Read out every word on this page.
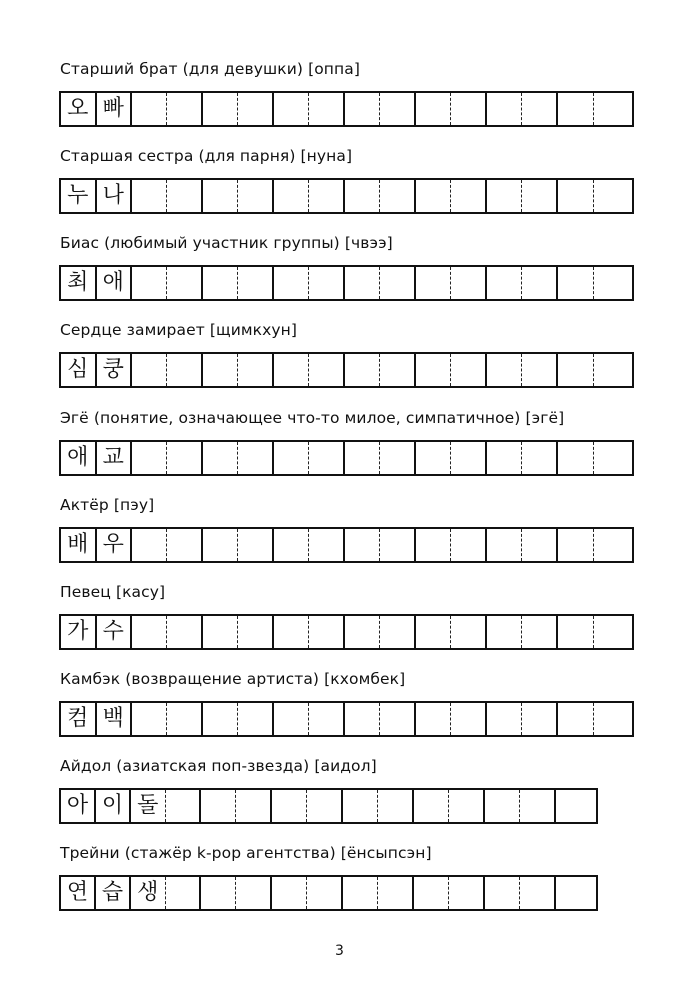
Старший брат (для девушки) [оппа]
오 빠
Старшая сестра (для парня) [нуна]
누 나
Биас (любимый участник группы) [чвээ]
최 애
Сердце замирает [щимкхун]
심 쿵
Эгё (понятие, означающее что-то милое, симпатичное) [эгё]
애 교
Актёр [пэу]
배 우
Певец [касу]
가 수
Камбэк (возвращение артиста) [кхомбек]
컴 백
Айдол (азиатская поп-звезда) [аидол]
아 이 돌
Трейни (стажёр k-pop агентства) [ёнсыпсэн]
연 습 생
3
